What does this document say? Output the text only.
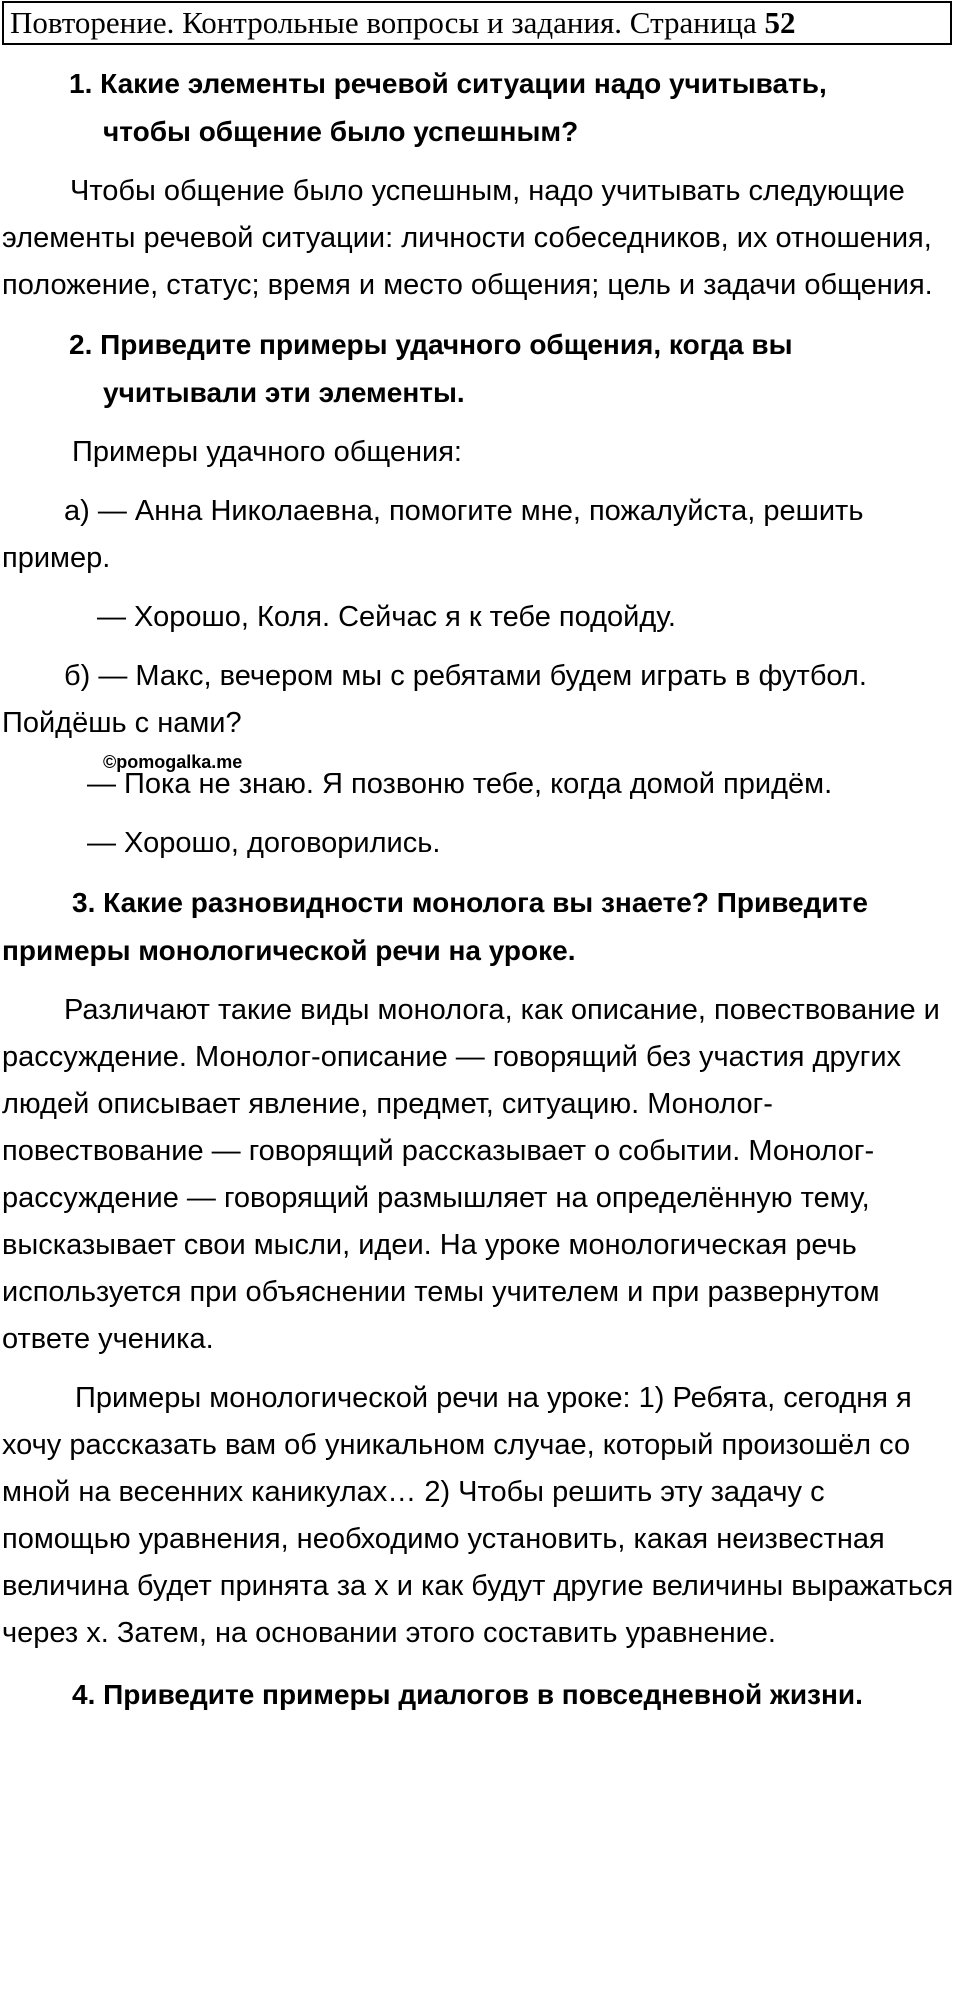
Повторение. Контрольные вопросы и задания. Страница 52
1. Какие элементы речевой ситуации надо учитывать,
чтобы общение было успешным?

Чтобы общение было успешным, надо учитывать следующие элементы речевой ситуации: личности собеседников, их отношения, положение, статус; время и место общения; цель и задачи общения.

2. Приведите примеры удачного общения, когда вы
учитывали эти элементы.

Примеры удачного общения:

а) — Анна Николаевна, помогите мне, пожалуйста, решить пример.

— Хорошо, Коля. Сейчас я к тебе подойду.

б) — Макс, вечером мы с ребятами будем играть в футбол. Пойдёшь с нами?

©pomogalka.me

— Пока не знаю. Я позвоню тебе, когда домой придём.

— Хорошо, договорились.

3. Какие разновидности монолога вы знаете? Приведите примеры монологической речи на уроке.

Различают такие виды монолога, как описание, повествование и рассуждение. Монолог-описание — говорящий без участия других людей описывает явление, предмет, ситуацию. Монолог-повествование — говорящий рассказывает о событии. Монолог-рассуждение — говорящий размышляет на определённую тему, высказывает свои мысли, идеи. На уроке монологическая речь используется при объяснении темы учителем и при развернутом ответе ученика.

Примеры монологической речи на уроке: 1) Ребята, сегодня я хочу рассказать вам об уникальном случае, который произошёл со мной на весенних каникулах… 2) Чтобы решить эту задачу с помощью уравнения, необходимо установить, какая неизвестная величина будет принята за x и как будут другие величины выражаться через x. Затем, на основании этого составить уравнение.

4. Приведите примеры диалогов в повседневной жизни.
